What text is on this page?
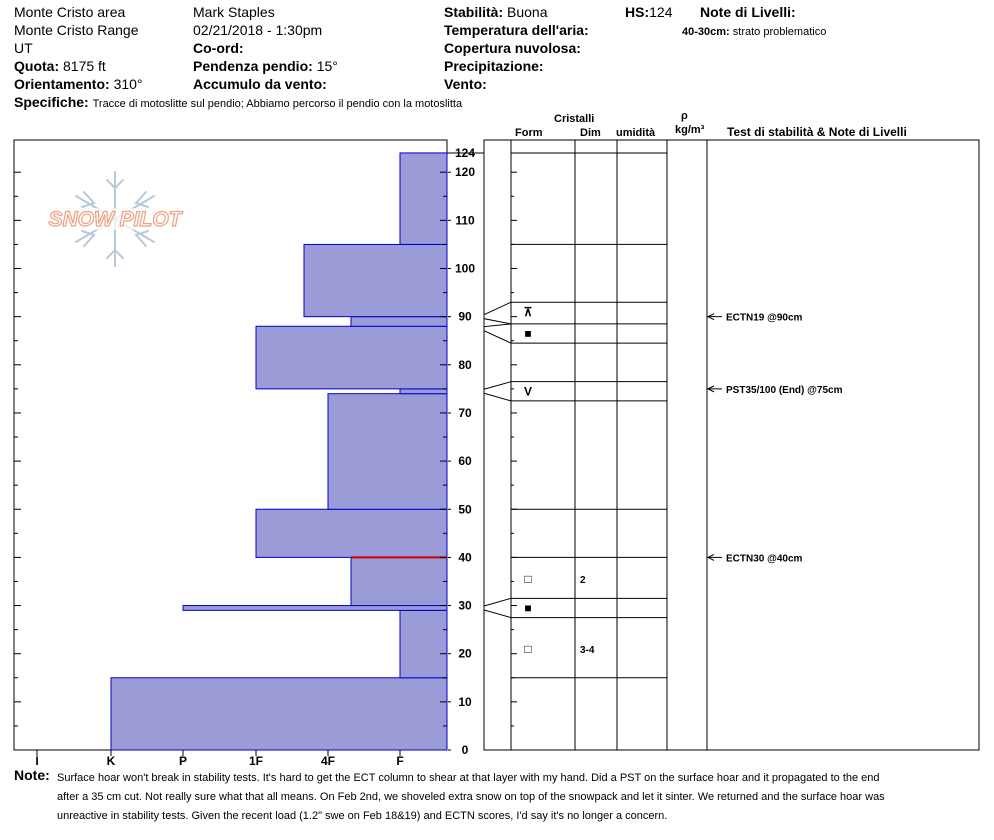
Monte Cristo area
Monte Cristo Range
UT
Quota: 8175 ft
Orientamento: 310°
Specifiche: Tracce di motoslitte sul pendio; Abbiamo percorso il pendio con la motoslitta
Mark Staples
02/21/2018 - 1:30pm
Co-ord:
Pendenza pendio: 15°
Accumulo da vento:
Stabilità: Buona
Temperatura dell'aria:
Copertura nuvolosa:
Precipitazione:
Vento:
HS:124 Note di Livelli:
40-30cm: strato problematico
Cristalli
Form	Dim umidità
ρ
kg/m³ Test di stabilità & Note di Livelli
I	K	P	1F	4F	F
0
10
20
30
40
50
60
70
80
90
100
110
120
124
SNOW PILOT
□	3-4
■
□	2
V
■
⊼	ECTN19 @90cm
PST35/100 (End) @75cm
ECTN30 @40cm
Note: Surface hoar won't break in stability tests. It's hard to get the ECT column to shear at that layer with my hand. Did a PST on the surface hoar and it propagated to the end
after a 35 cm cut. Not really sure what that all means. On Feb 2nd, we shoveled extra snow on top of the snowpack and let it sinter. We returned and the surface hoar was
unreactive in stability tests. Given the recent load (1.2" swe on Feb 18&19) and ECTN scores, I'd say it's no longer a concern.
